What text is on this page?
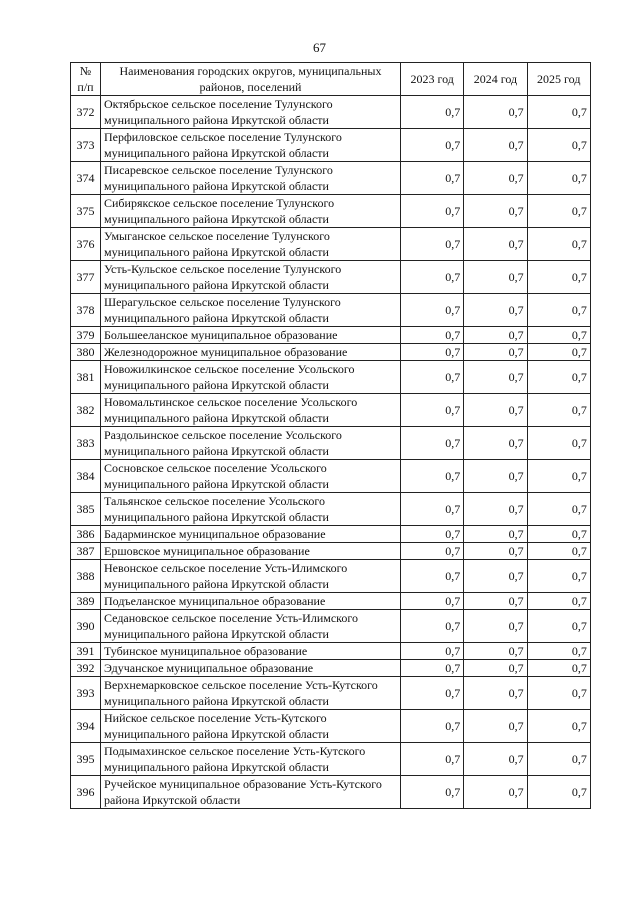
67
№ п/п	Наименования городских округов, муниципальных районов, поселений	2023 год	2024 год	2025 год
372	Октябрьское сельское поселение Тулунского муниципального района Иркутской области	0,7	0,7	0,7
373	Перфиловское сельское поселение Тулунского муниципального района Иркутской области	0,7	0,7	0,7
374	Писаревское сельское поселение Тулунского муниципального района Иркутской области	0,7	0,7	0,7
375	Сибирякское сельское поселение Тулунского муниципального района Иркутской области	0,7	0,7	0,7
376	Умыганское сельское поселение Тулунского муниципального района Иркутской области	0,7	0,7	0,7
377	Усть-Кульское сельское поселение Тулунского муниципального района Иркутской области	0,7	0,7	0,7
378	Шерагульское сельское поселение Тулунского муниципального района Иркутской области	0,7	0,7	0,7
379	Большееланское муниципальное образование	0,7	0,7	0,7
380	Железнодорожное муниципальное образование	0,7	0,7	0,7
381	Новожилкинское сельское поселение Усольского муниципального района Иркутской области	0,7	0,7	0,7
382	Новомальтинское сельское поселение Усольского муниципального района Иркутской области	0,7	0,7	0,7
383	Раздольинское сельское поселение Усольского муниципального района Иркутской области	0,7	0,7	0,7
384	Сосновское сельское поселение Усольского муниципального района Иркутской области	0,7	0,7	0,7
385	Тальянское сельское поселение Усольского муниципального района Иркутской области	0,7	0,7	0,7
386	Бадарминское муниципальное образование	0,7	0,7	0,7
387	Ершовское муниципальное образование	0,7	0,7	0,7
388	Невонское сельское поселение Усть-Илимского муниципального района Иркутской области	0,7	0,7	0,7
389	Подъеланское муниципальное образование	0,7	0,7	0,7
390	Седановское сельское поселение Усть-Илимского муниципального района Иркутской области	0,7	0,7	0,7
391	Тубинское муниципальное образование	0,7	0,7	0,7
392	Эдучанское муниципальное образование	0,7	0,7	0,7
393	Верхнемарковское сельское поселение Усть-Кутского муниципального района Иркутской области	0,7	0,7	0,7
394	Нийское сельское поселение Усть-Кутского муниципального района Иркутской области	0,7	0,7	0,7
395	Подымахинское сельское поселение Усть-Кутского муниципального района Иркутской области	0,7	0,7	0,7
396	Ручейское муниципальное образование Усть-Кутского района Иркутской области	0,7	0,7	0,7
